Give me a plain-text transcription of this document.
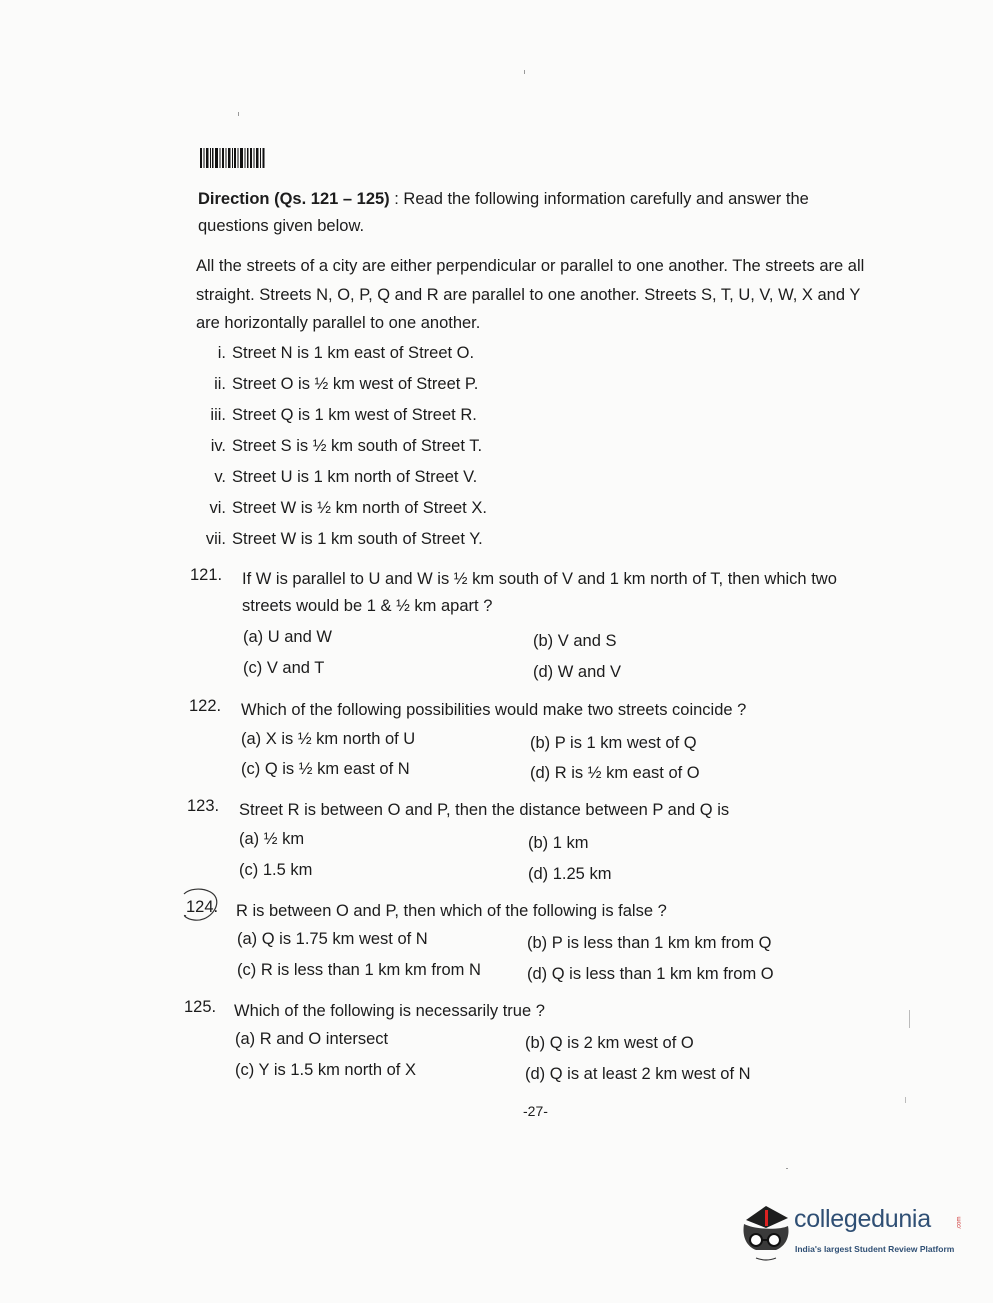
Direction (Qs. 121 – 125) : Read the following information carefully and answer the questions given below.
All the streets of a city are either perpendicular or parallel to one another. The streets are all straight. Streets N, O, P, Q and R are parallel to one another. Streets S, T, U, V, W, X and Y are horizontally parallel to one another.
i. Street N is 1 km east of Street O.
ii. Street O is ½ km west of Street P.
iii. Street Q is 1 km west of Street R.
iv. Street S is ½ km south of Street T.
v. Street U is 1 km north of Street V.
vi. Street W is ½ km north of Street X.
vii. Street W is 1 km south of Street Y.
121. If W is parallel to U and W is ½ km south of V and 1 km north of T, then which two streets would be 1 & ½ km apart ?
(a) U and W	(b) V and S
(c) V and T	(d) W and V
122. Which of the following possibilities would make two streets coincide ?
(a) X is ½ km north of U	(b) P is 1 km west of Q
(c) Q is ½ km east of N	(d) R is ½ km east of O
123. Street R is between O and P, then the distance between P and Q is
(a) ½ km	(b) 1 km
(c) 1.5 km	(d) 1.25 km
124. R is between O and P, then which of the following is false ?
(a) Q is 1.75 km west of N	(b) P is less than 1 km km from Q
(c) R is less than 1 km km from N	(d) Q is less than 1 km km from O
125. Which of the following is necessarily true ?
(a) R and O intersect	(b) Q is 2 km west of O
(c) Y is 1.5 km north of X	(d) Q is at least 2 km west of N
-27-
collegedunia	.com
India's largest Student Review Platform
